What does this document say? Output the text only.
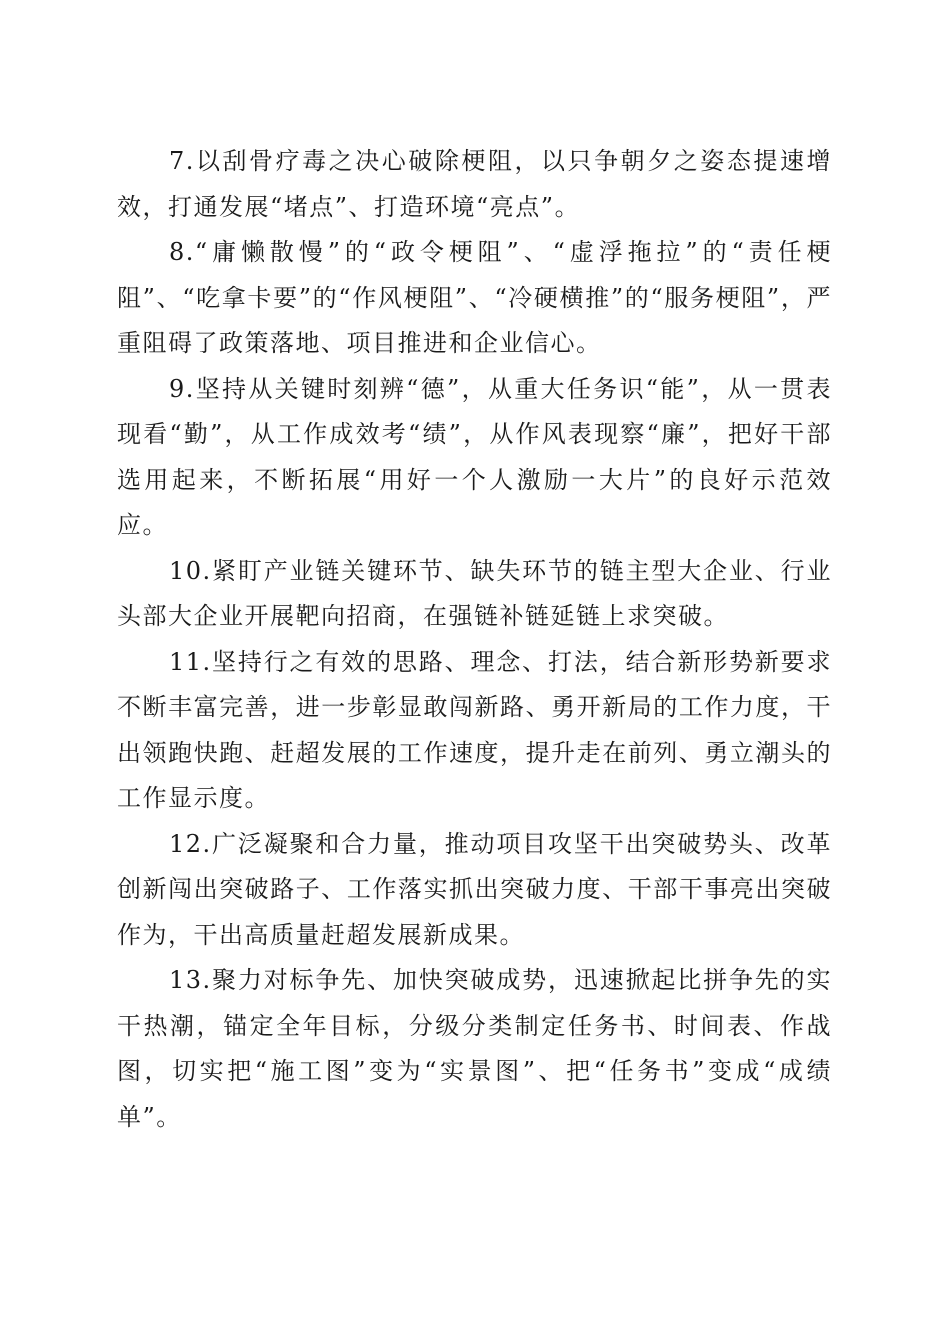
7.以刮骨疗毒之决心破除梗阻，以只争朝夕之姿态提速增效，打通发展“堵点”、打造环境“亮点”。

8.“庸懒散慢”的“政令梗阻”、“虚浮拖拉”的“责任梗阻”、“吃拿卡要”的“作风梗阻”、“冷硬横推”的“服务梗阻”，严重阻碍了政策落地、项目推进和企业信心。

9.坚持从关键时刻辨“德”，从重大任务识“能”，从一贯表现看“勤”，从工作成效考“绩”，从作风表现察“廉”，把好干部选用起来，不断拓展“用好一个人激励一大片”的良好示范效应。

10.紧盯产业链关键环节、缺失环节的链主型大企业、行业头部大企业开展靶向招商，在强链补链延链上求突破。

11.坚持行之有效的思路、理念、打法，结合新形势新要求不断丰富完善，进一步彰显敢闯新路、勇开新局的工作力度，干出领跑快跑、赶超发展的工作速度，提升走在前列、勇立潮头的工作显示度。

12.广泛凝聚和合力量，推动项目攻坚干出突破势头、改革创新闯出突破路子、工作落实抓出突破力度、干部干事亮出突破作为，干出高质量赶超发展新成果。

13.聚力对标争先、加快突破成势，迅速掀起比拼争先的实干热潮，锚定全年目标，分级分类制定任务书、时间表、作战图，切实把“施工图”变为“实景图”、把“任务书”变成“成绩单”。
